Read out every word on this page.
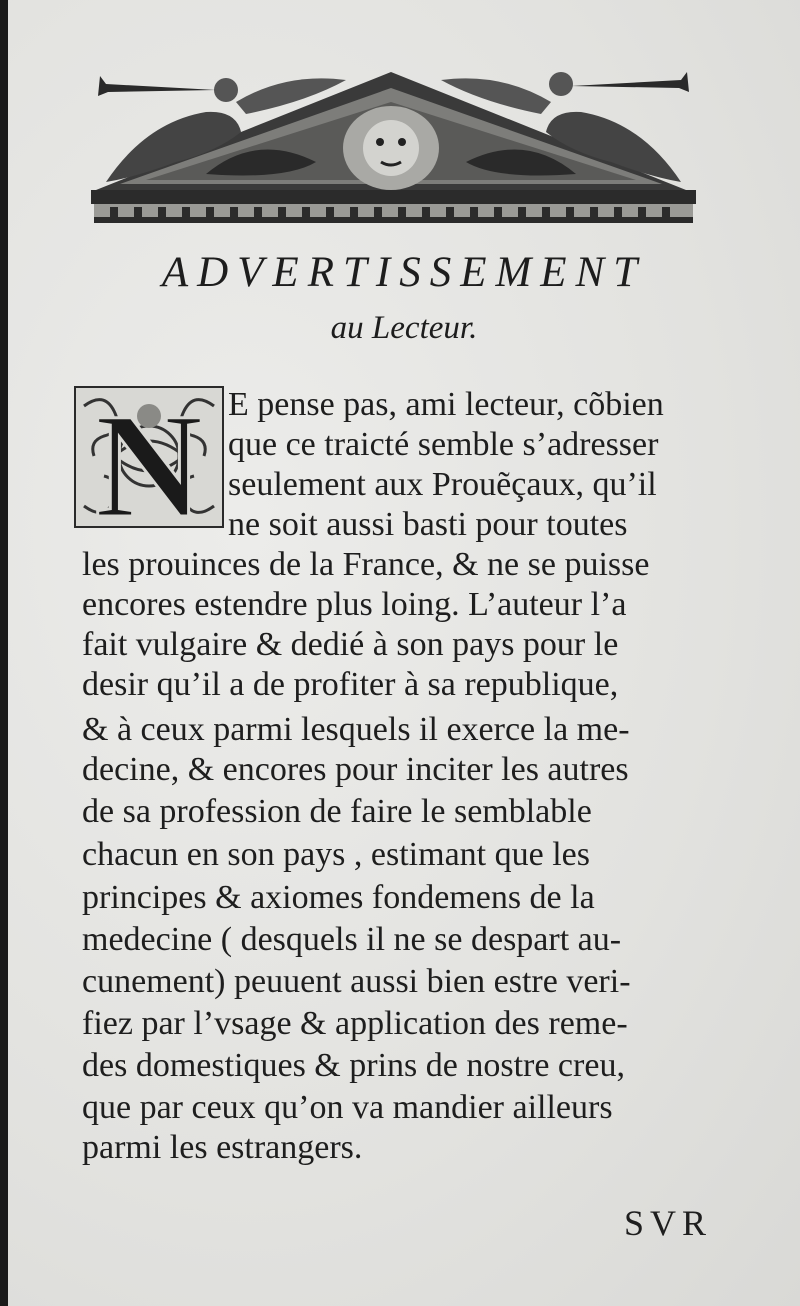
ADVERTISSEMENT
au Lecteur.
N E pense pas, ami lecteur, cõbien
que ce traicté semble s’adresser
seulement aux Prouẽçaux, qu’il
ne soit aussi basti pour toutes
les prouinces de la France, & ne se puisse
encores estendre plus loing. L’auteur l’a
fait vulgaire & dedié à son pays pour le
desir qu’il a de profiter à sa republique,
& à ceux parmi lesquels il exerce la me-
decine, & encores pour inciter les autres
de sa profession de faire le semblable
chacun en son pays , estimant que les
principes & axiomes fondemens de la
medecine ( desquels il ne se despart au-
cunement) peuuent aussi bien estre veri-
fiez par l’vsage & application des reme-
des domestiques & prins de nostre creu,
que par ceux qu’on va mandier ailleurs
parmi les estrangers.
SVR
